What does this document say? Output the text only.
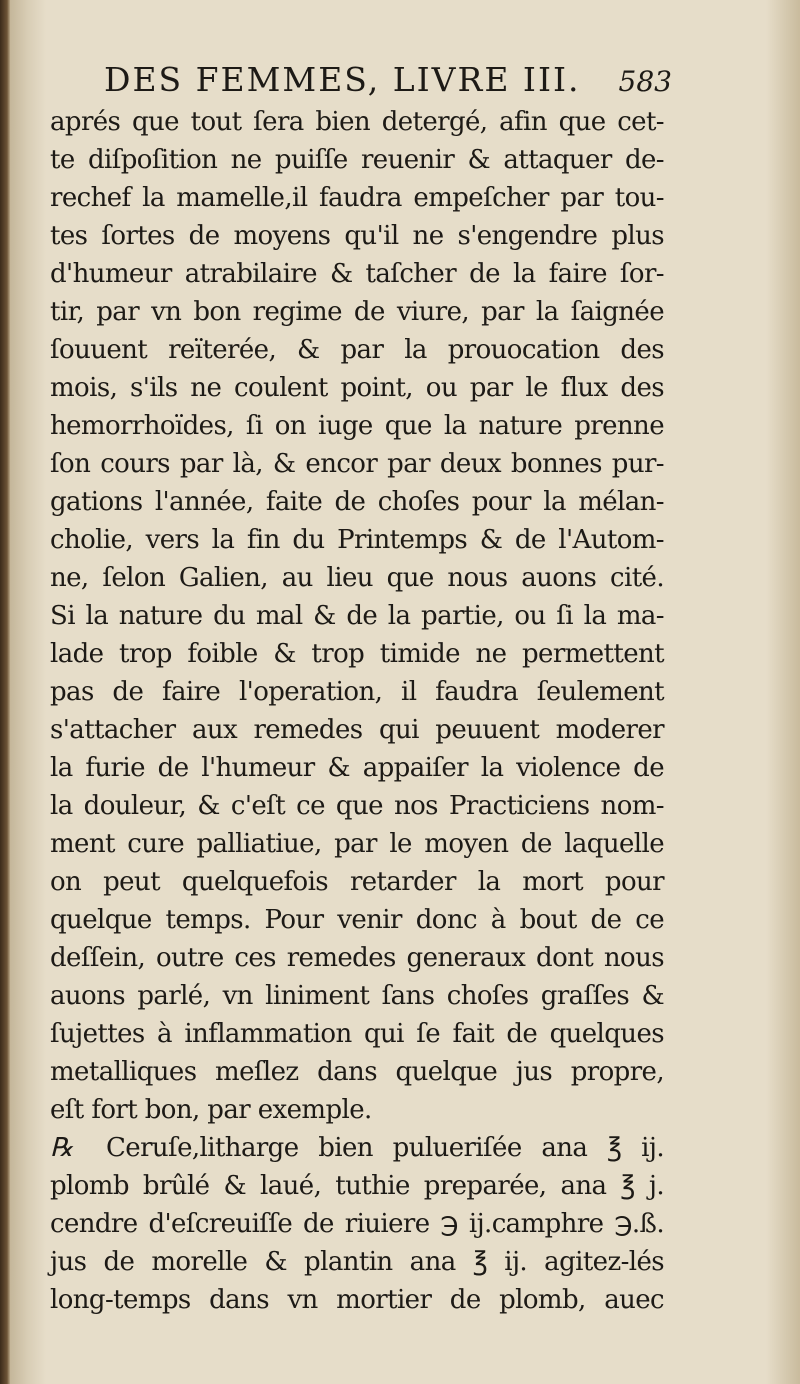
DES FEMMES, LIVRE III. 583
aprés que tout ſera bien detergé, afin que cet-
te diſpoſition ne puiſſe reuenir & attaquer de-
rechef la mamelle,il faudra empeſcher par tou-
tes ſortes de moyens qu'il ne s'engendre plus
d'humeur atrabilaire & taſcher de la faire ſor-
tir, par vn bon regime de viure, par la ſaignée
ſouuent reïterée, & par la prouocation des
mois, s'ils ne coulent point, ou par le flux des
hemorrhoïdes, ſi on iuge que la nature prenne
ſon cours par là, & encor par deux bonnes pur-
gations l'année, faite de choſes pour la mélan-
cholie, vers la fin du Printemps & de l'Autom-
ne, ſelon Galien, au lieu que nous auons cité.
Si la nature du mal & de la partie, ou ſi la ma-
lade trop foible & trop timide ne permettent
pas de faire l'operation, il faudra ſeulement
s'attacher aux remedes qui peuuent moderer
la furie de l'humeur & appaiſer la violence de
la douleur, & c'eſt ce que nos Practiciens nom-
ment cure palliatiue, par le moyen de laquelle
on peut quelquefois retarder la mort pour
quelque temps. Pour venir donc à bout de ce
deſſein, outre ces remedes generaux dont nous
auons parlé, vn liniment ſans choſes graſſes &
ſujettes à inflammation qui ſe fait de quelques
metalliques meſlez dans quelque jus propre,
eſt fort bon, par exemple.
℞ Ceruſe,litharge bien pulueriſée ana ℥ ij.
plomb brûlé & laué, tuthie preparée, ana ℥ j.
cendre d'eſcreuiſſe de riuiere ℈ ij.camphre ℈.ß.
jus de morelle & plantin ana ℥ ij. agitez-lés
long-temps dans vn mortier de plomb, auec
